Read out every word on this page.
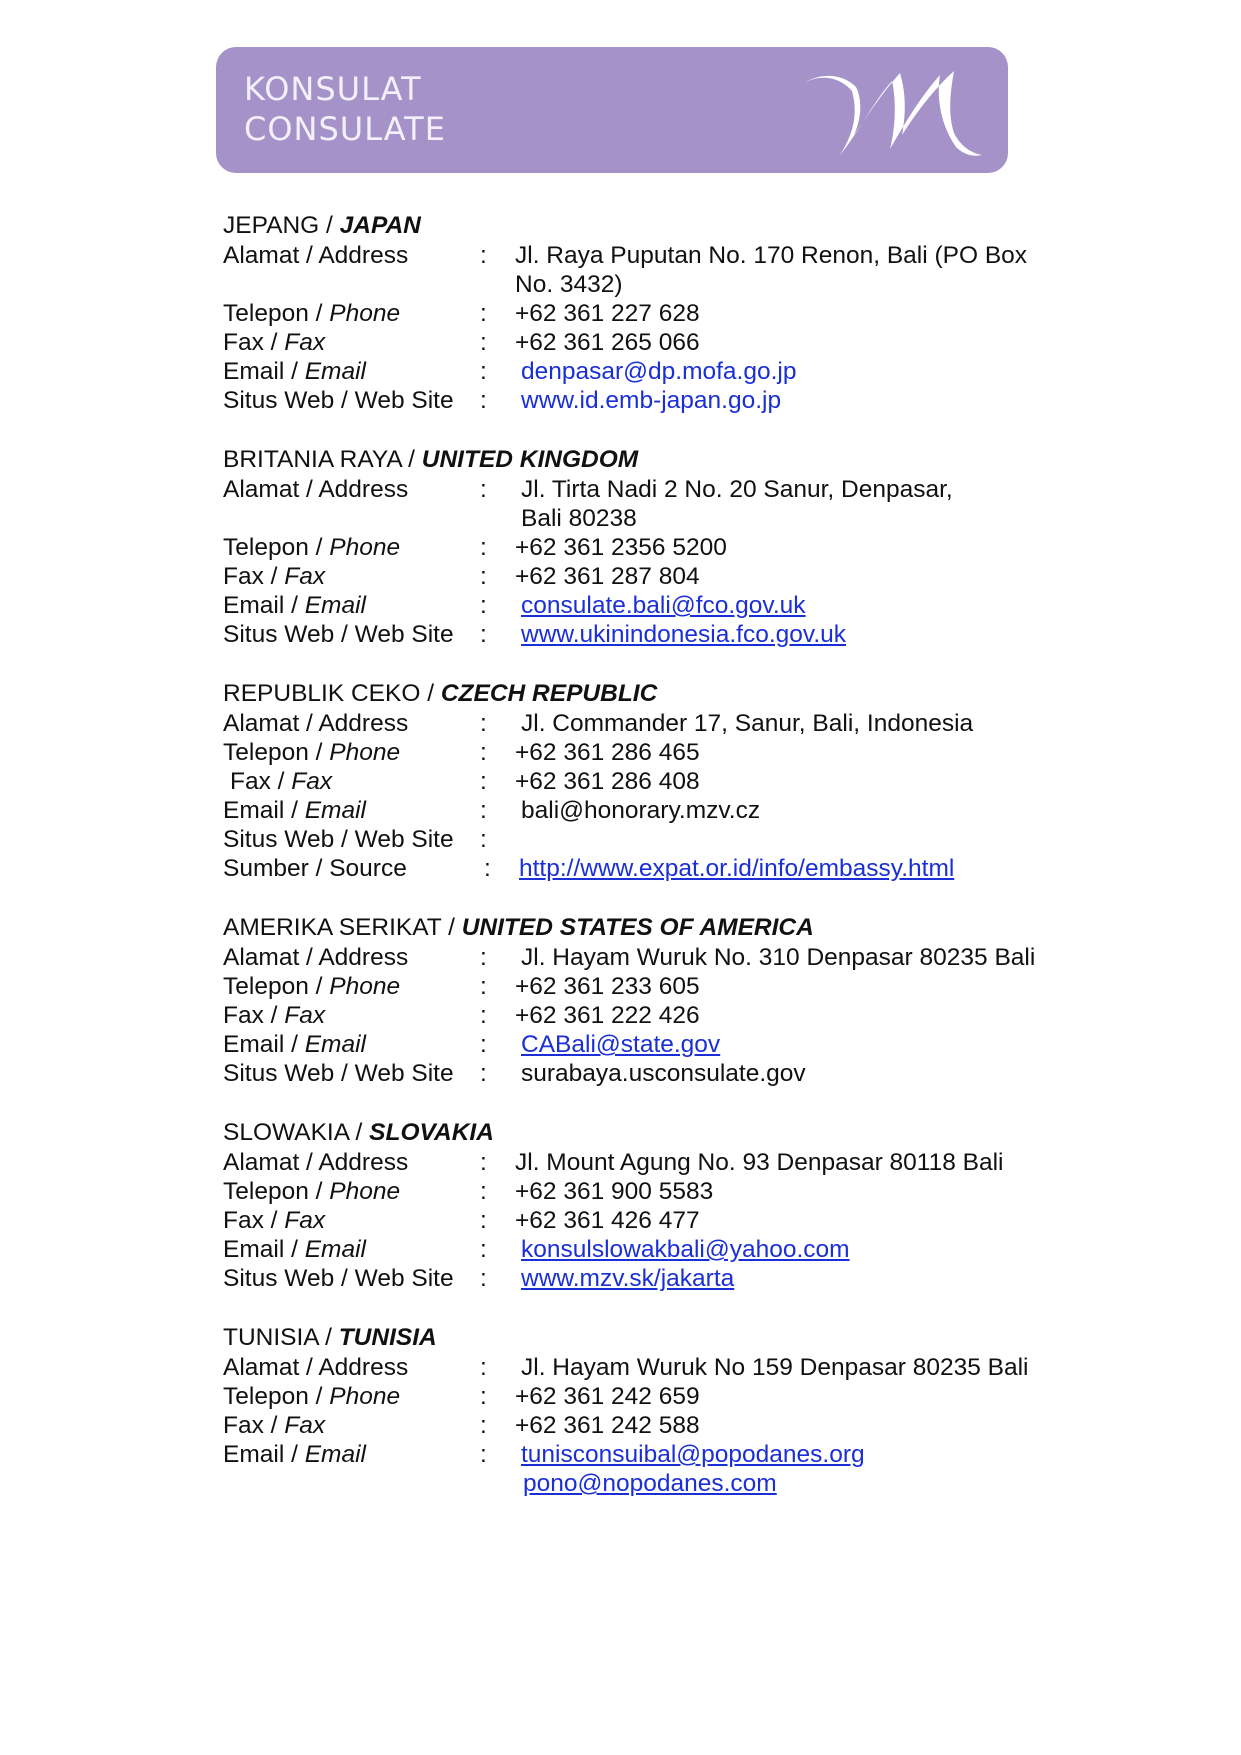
KONSULAT
CONSULATE
JEPANG / JAPAN
Alamat / Address	:	Jl. Raya Puputan No. 170 Renon, Bali (PO Box No. 3432)
Telepon / Phone	:	+62 361 227 628
Fax / Fax	:	+62 361 265 066
Email / Email	:	denpasar@dp.mofa.go.jp
Situs Web / Web Site	:	www.id.emb-japan.go.jp
BRITANIA RAYA / UNITED KINGDOM
Alamat / Address	:	Jl. Tirta Nadi 2 No. 20 Sanur, Denpasar,
Bali 80238
Telepon / Phone	:	+62 361 2356 5200
Fax / Fax	:	+62 361 287 804
Email / Email	:	consulate.bali@fco.gov.uk
Situs Web / Web Site	:	www.ukinindonesia.fco.gov.uk
REPUBLIK CEKO / CZECH REPUBLIC
Alamat / Address	:	Jl. Commander 17, Sanur, Bali, Indonesia
Telepon / Phone	:	+62 361 286 465
Fax / Fax	:	+62 361 286 408
Email / Email	:	bali@honorary.mzv.cz
Situs Web / Web Site	:
Sumber / Source	:	http://www.expat.or.id/info/embassy.html
AMERIKA SERIKAT / UNITED STATES OF AMERICA
Alamat / Address	:	Jl. Hayam Wuruk No. 310 Denpasar 80235 Bali
Telepon / Phone	:	+62 361 233 605
Fax / Fax	:	+62 361 222 426
Email / Email	:	CABali@state.gov
Situs Web / Web Site	:	surabaya.usconsulate.gov
SLOWAKIA / SLOVAKIA
Alamat / Address	:	Jl. Mount Agung No. 93 Denpasar 80118 Bali
Telepon / Phone	:	+62 361 900 5583
Fax / Fax	:	+62 361 426 477
Email / Email	:	konsulslowakbali@yahoo.com
Situs Web / Web Site	:	www.mzv.sk/jakarta
TUNISIA / TUNISIA
Alamat / Address	:	Jl. Hayam Wuruk No 159 Denpasar 80235 Bali
Telepon / Phone	:	+62 361 242 659
Fax / Fax	:	+62 361 242 588
Email / Email	:	tunisconsuibal@popodanes.org
pono@nopodanes.com
